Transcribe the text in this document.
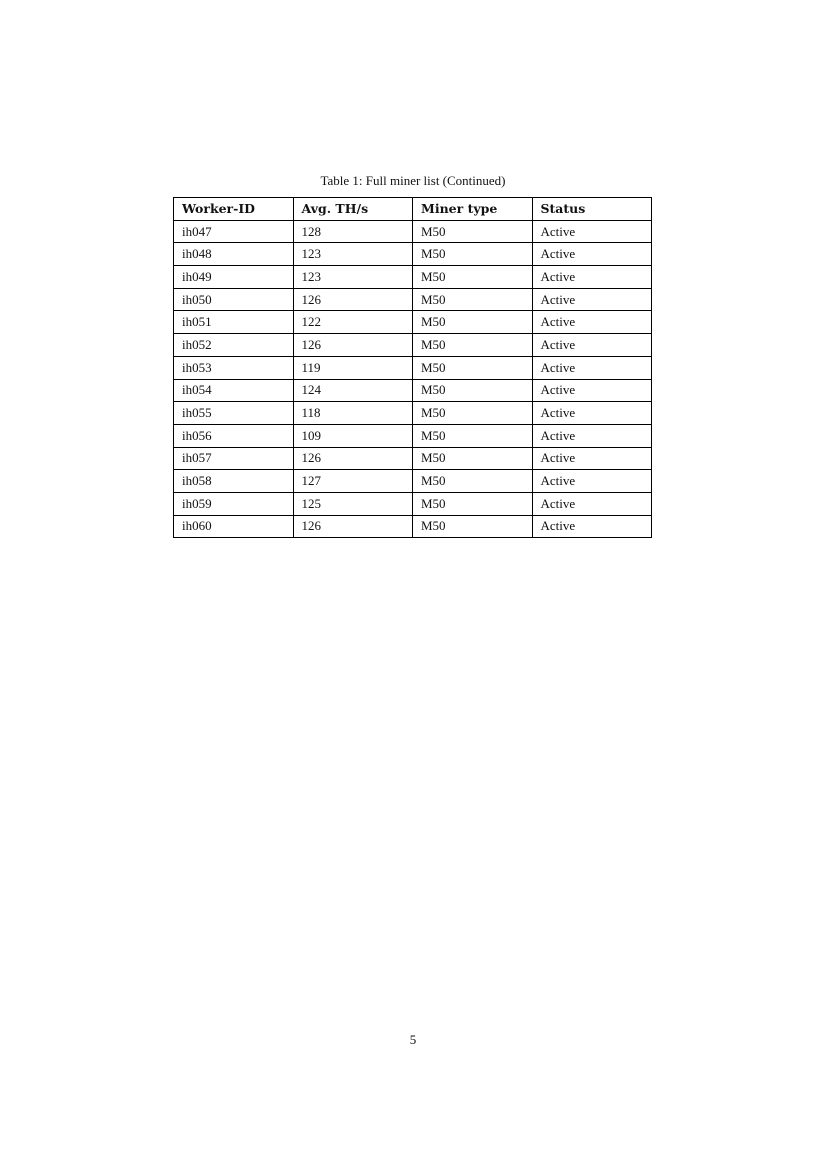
Table 1: Full miner list (Continued)
Worker-ID	Avg. TH/s	Miner type	Status
ih047	128	M50	Active
ih048	123	M50	Active
ih049	123	M50	Active
ih050	126	M50	Active
ih051	122	M50	Active
ih052	126	M50	Active
ih053	119	M50	Active
ih054	124	M50	Active
ih055	118	M50	Active
ih056	109	M50	Active
ih057	126	M50	Active
ih058	127	M50	Active
ih059	125	M50	Active
ih060	126	M50	Active
5
